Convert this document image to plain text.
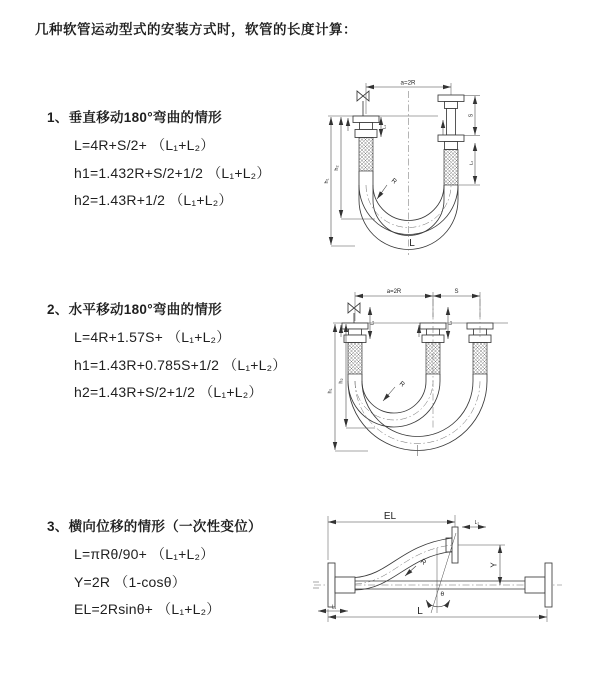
几种软管运动型式的安装方式时，软管的长度计算：
1、垂直移动180°弯曲的情形
L=4R+S/2+ （L₁+L₂）
h1=1.432R+S/2+1/2 （L₁+L₂）
h2=1.43R+1/2 （L₁+L₂）
2、水平移动180°弯曲的情形
L=4R+1.57S+ （L₁+L₂）
h1=1.43R+0.785S+1/2 （L₁+L₂）
h2=1.43R+S/2+1/2 （L₁+L₂）
3、横向位移的情形（一次性变位）
L=πRθ/90+ （L₁+L₂）
Y=2R （1-cosθ）
EL=2Rsinθ+ （L₁+L₂）
a=2R
h₁
h₂
L₁
S
L₂
R
L
a=2R	S
h₁
h₂
L₁	L₂
R
EL
L₂
Y
L
L₁
θ
R
